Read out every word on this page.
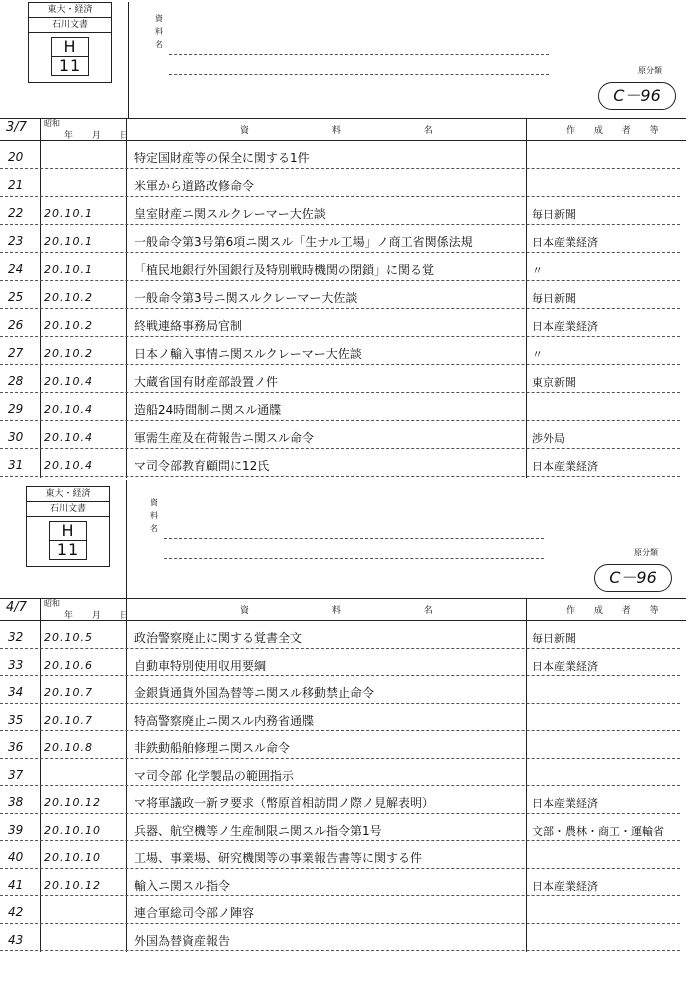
東大・経済
石川文書
H
11
資
料
名
原分類
C－96
3/7 昭和
年 月 日	資 料 名	作 成 者 等
20	特定国財産等の保全に関する1件
21	米軍から道路改修命令
22 20.10.1	皇室財産ニ関スルクレーマー大佐談	毎日新聞
23 20.10.1	一般命令第3号第6項ニ関スル「生ナル工場」ノ商工省関係法規	日本産業経済
24 20.10.1	「植民地銀行外国銀行及特別戦時機関の閉鎖」に関る覚	〃
25 20.10.2	一般命令第3号ニ関スルクレーマー大佐談	毎日新聞
26 20.10.2	終戦連絡事務局官制	日本産業経済
27 20.10.2	日本ノ輸入事情ニ関スルクレーマー大佐談	〃
28 20.10.4	大蔵省国有財産部設置ノ件	東京新聞
29 20.10.4	造船24時間制ニ関スル通牒
30 20.10.4	軍需生産及在荷報告ニ関スル命令	渉外局
31 20.10.4	マ司令部教育顧問に12氏	日本産業経済
東大・経済
石川文書
H
11
資
料
名
原分類
C－96
4/7 昭和
年 月 日	資 料 名	作 成 者 等
32 20.10.5	政治警察廃止に関する覚書全文	毎日新聞
33 20.10.6	自動車特別使用収用要綱	日本産業経済
34 20.10.7	金銀貨通貨外国為替等ニ関スル移動禁止命令
35 20.10.7	特高警察廃止ニ関スル内務省通牒
36 20.10.8	非鉄動船舶修理ニ関スル命令
37	マ司令部 化学製品の範囲指示
38 20.10.12	マ将軍議政一新ヲ要求（幣原首相訪問ノ際ノ見解表明）	日本産業経済
39 20.10.10	兵器、航空機等ノ生産制限ニ関スル指令第1号	文部・農林・商工・運輸省
40 20.10.10	工場、事業場、研究機関等の事業報告書等に関する件
41 20.10.12	輸入ニ関スル指令	日本産業経済
42	連合軍総司令部ノ陣容
43	外国為替資産報告
